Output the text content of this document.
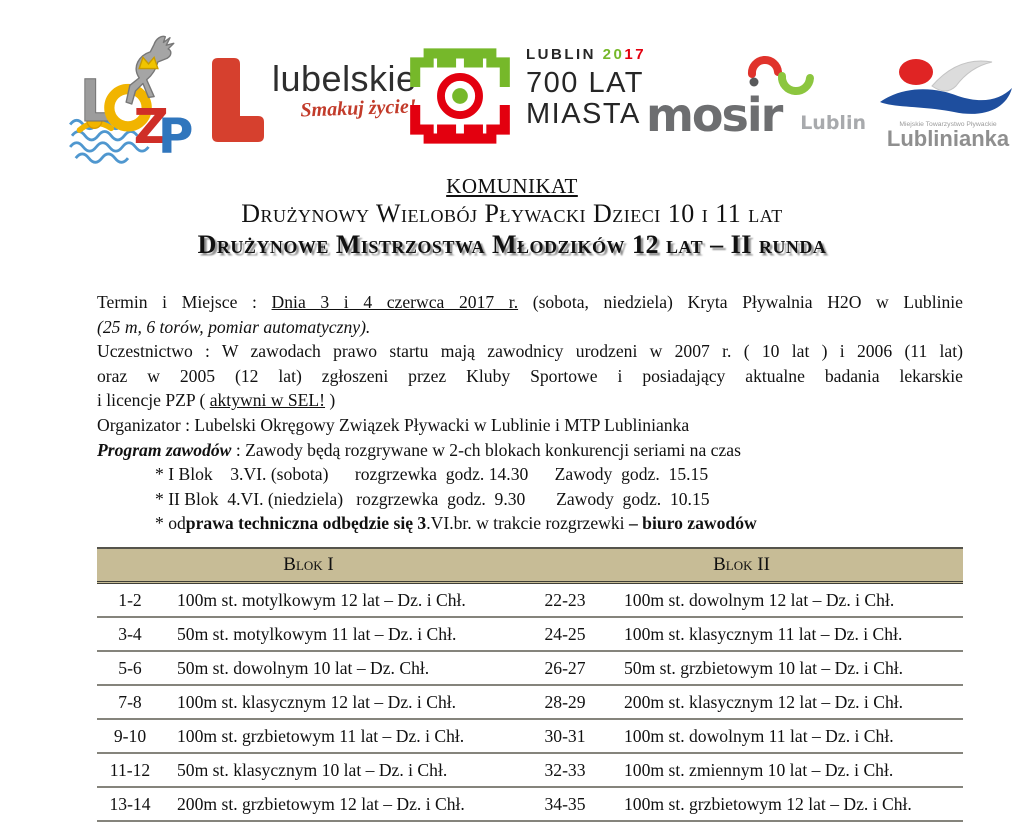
L Z
P
lubelskie
Smakuj życie!
LUBLIN 2017
700 LAT
MIASTA mosir Lublin	Miejskie Towarzystwo Pływackie
Lublinianka
KOMUNIKAT
Drużynowy Wielobój Pływacki Dzieci 10 i 11 lat
Drużynowe Mistrzostwa Młodzików 12 lat – II runda
Termin i Miejsce : Dnia 3 i 4 czerwca 2017 r. (sobota, niedziela) Kryta Pływalnia H2O w Lublinie
(25 m, 6 torów, pomiar automatyczny).
Uczestnictwo : W zawodach prawo startu mają zawodnicy urodzeni w 2007 r. ( 10 lat ) i 2006 (11 lat)
oraz w 2005 (12 lat) zgłoszeni przez Kluby Sportowe i posiadający aktualne badania lekarskie
i licencje PZP ( aktywni w SEL! )
Organizator : Lubelski Okręgowy Związek Pływacki w Lublinie i MTP Lublinianka
Program zawodów : Zawody będą rozgrywane w 2-ch blokach konkurencji seriami na czas
* I Blok    3.VI. (sobota)      rozgrzewka  godz. 14.30      Zawody  godz.  15.15
* II Blok  4.VI. (niedziela)   rozgrzewka  godz.  9.30       Zawody  godz.  10.15
* odprawa techniczna odbędzie się 3.VI.br. w trakcie rozgrzewki – biuro zawodów
Blok I		Blok II	
1-2	100m st. motylkowym 12 lat – Dz. i Chł.	22-23	100m st. dowolnym 12 lat – Dz. i Chł.
3-4	50m st. motylkowym 11 lat – Dz. i Chł.	24-25	100m st. klasycznym 11 lat – Dz. i Chł.
5-6	50m st. dowolnym 10 lat – Dz. Chł.	26-27	50m st. grzbietowym 10 lat – Dz. i Chł.
7-8	100m st. klasycznym 12 lat – Dz. i Chł.	28-29	200m st. klasycznym 12 lat – Dz. i Chł.
9-10	100m st. grzbietowym 11 lat – Dz. i Chł.	30-31	100m st. dowolnym 11 lat – Dz. i Chł.
11-12	50m st. klasycznym 10 lat – Dz. i Chł.	32-33	100m st. zmiennym 10 lat – Dz. i Chł.
13-14	200m st. grzbietowym 12 lat – Dz. i Chł.	34-35	100m st. grzbietowym 12 lat – Dz. i Chł.
